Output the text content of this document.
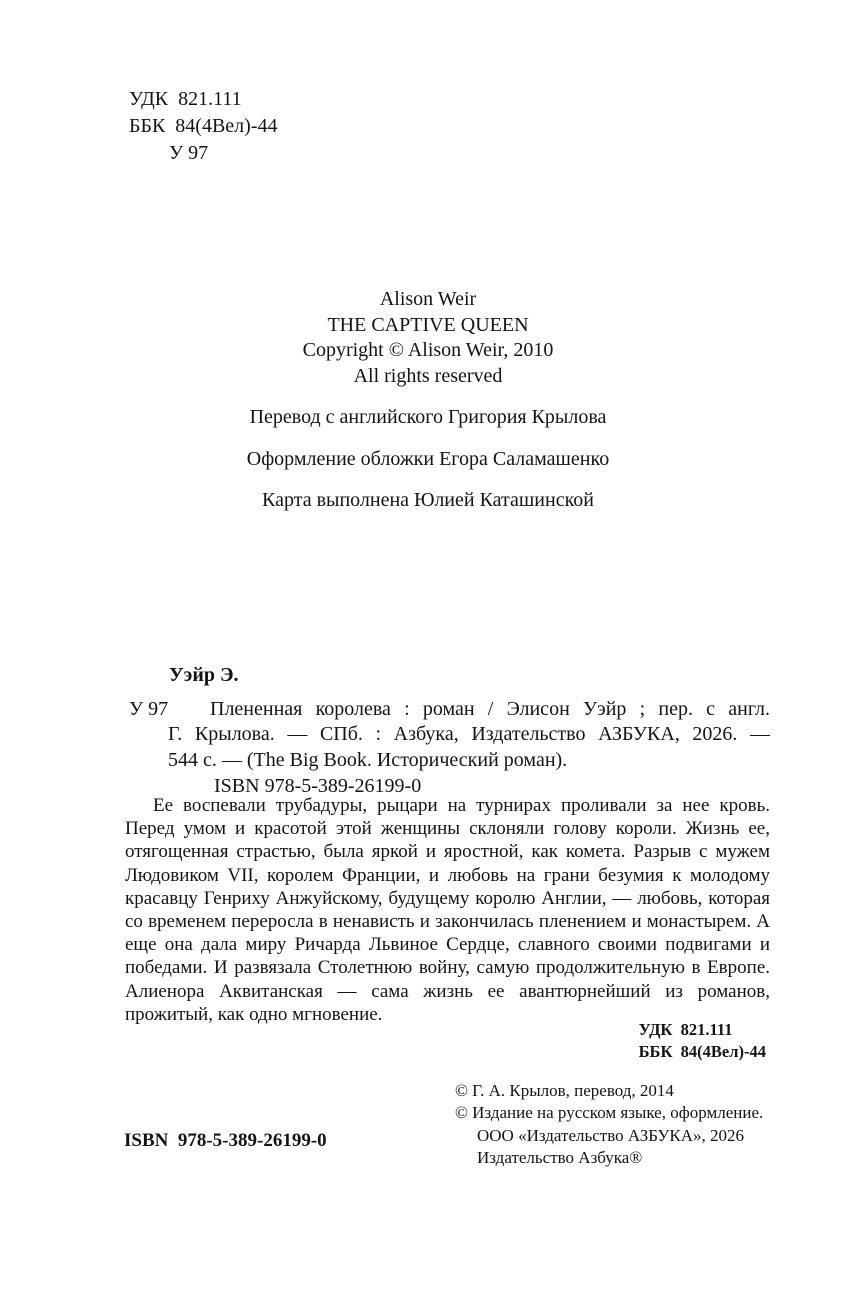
УДК  821.111
ББК  84(4Вел)-44
У 97
Alison Weir
THE CAPTIVE QUEEN
Copyright © Alison Weir, 2010
All rights reserved
Перевод с английского Григория Крылова
Оформление обложки Егора Саламашенко
Карта выполнена Юлией Каташинской
Уэйр Э.
У 97	Плененная королева : роман / Элисон Уэйр ; пер. с англ.
Г. Крылова. — СПб. : Азбука, Издательство АЗБУКА, 2026. —
544 с. — (The Big Book. Исторический роман).
ISBN 978-5-389-26199-0

Ее воспевали трубадуры, рыцари на турнирах проливали за нее кровь. Перед умом и красотой этой женщины склоняли голову короли. Жизнь ее, отягощенная страстью, была яркой и яростной, как комета. Разрыв с мужем Людовиком VII, королем Франции, и любовь на грани безумия к молодому красавцу Генриху Анжуйскому, будущему королю Англии, — любовь, которая со временем переросла в ненависть и закончилась пленением и монастырем. А еще она дала миру Ричарда Львиное Сердце, славного своими подвигами и победами. И развязала Столетнюю войну, самую продолжительную в Европе. Алиенора Аквитанская — сама жизнь ее авантюрнейший из романов, прожитый, как одно мгновение.

УДК  821.111
ББК  84(4Вел)-44
© Г. А. Крылов, перевод, 2014
© Издание на русском языке, оформление.
ООО «Издательство АЗБУКА», 2026
Издательство Азбука®
ISBN  978-5-389-26199-0
